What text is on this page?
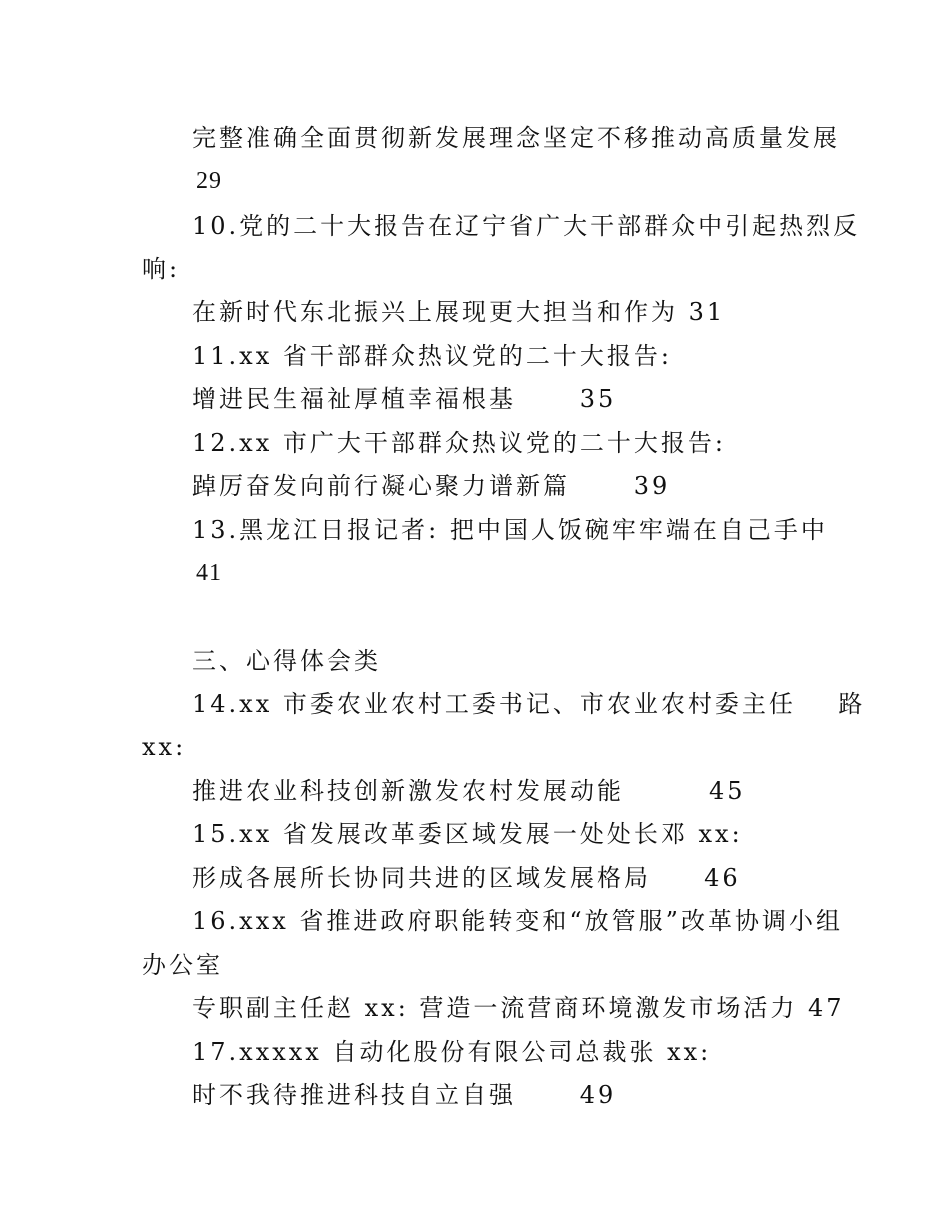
完整准确全面贯彻新发展理念坚定不移推动高质量发展

29

10.党的二十大报告在辽宁省广大干部群众中引起热烈反

响:

在新时代东北振兴上展现更大担当和作为 31

11.xx 省干部群众热议党的二十大报告:

增进民生福祉厚植幸福根基      35

12.xx 市广大干部群众热议党的二十大报告:

踔厉奋发向前行凝心聚力谱新篇      39

13.黑龙江日报记者: 把中国人饭碗牢牢端在自己手中

41

三、心得体会类

14.xx 市委农业农村工委书记、市农业农村委主任    路

xx:

推进农业科技创新激发农村发展动能        45

15.xx 省发展改革委区域发展一处处长邓 xx:

形成各展所长协同共进的区域发展格局     46

16.xxx 省推进政府职能转变和“放管服”改革协调小组

办公室

专职副主任赵 xx: 营造一流营商环境激发市场活力 47

17.xxxxx 自动化股份有限公司总裁张 xx:

时不我待推进科技自立自强      49
